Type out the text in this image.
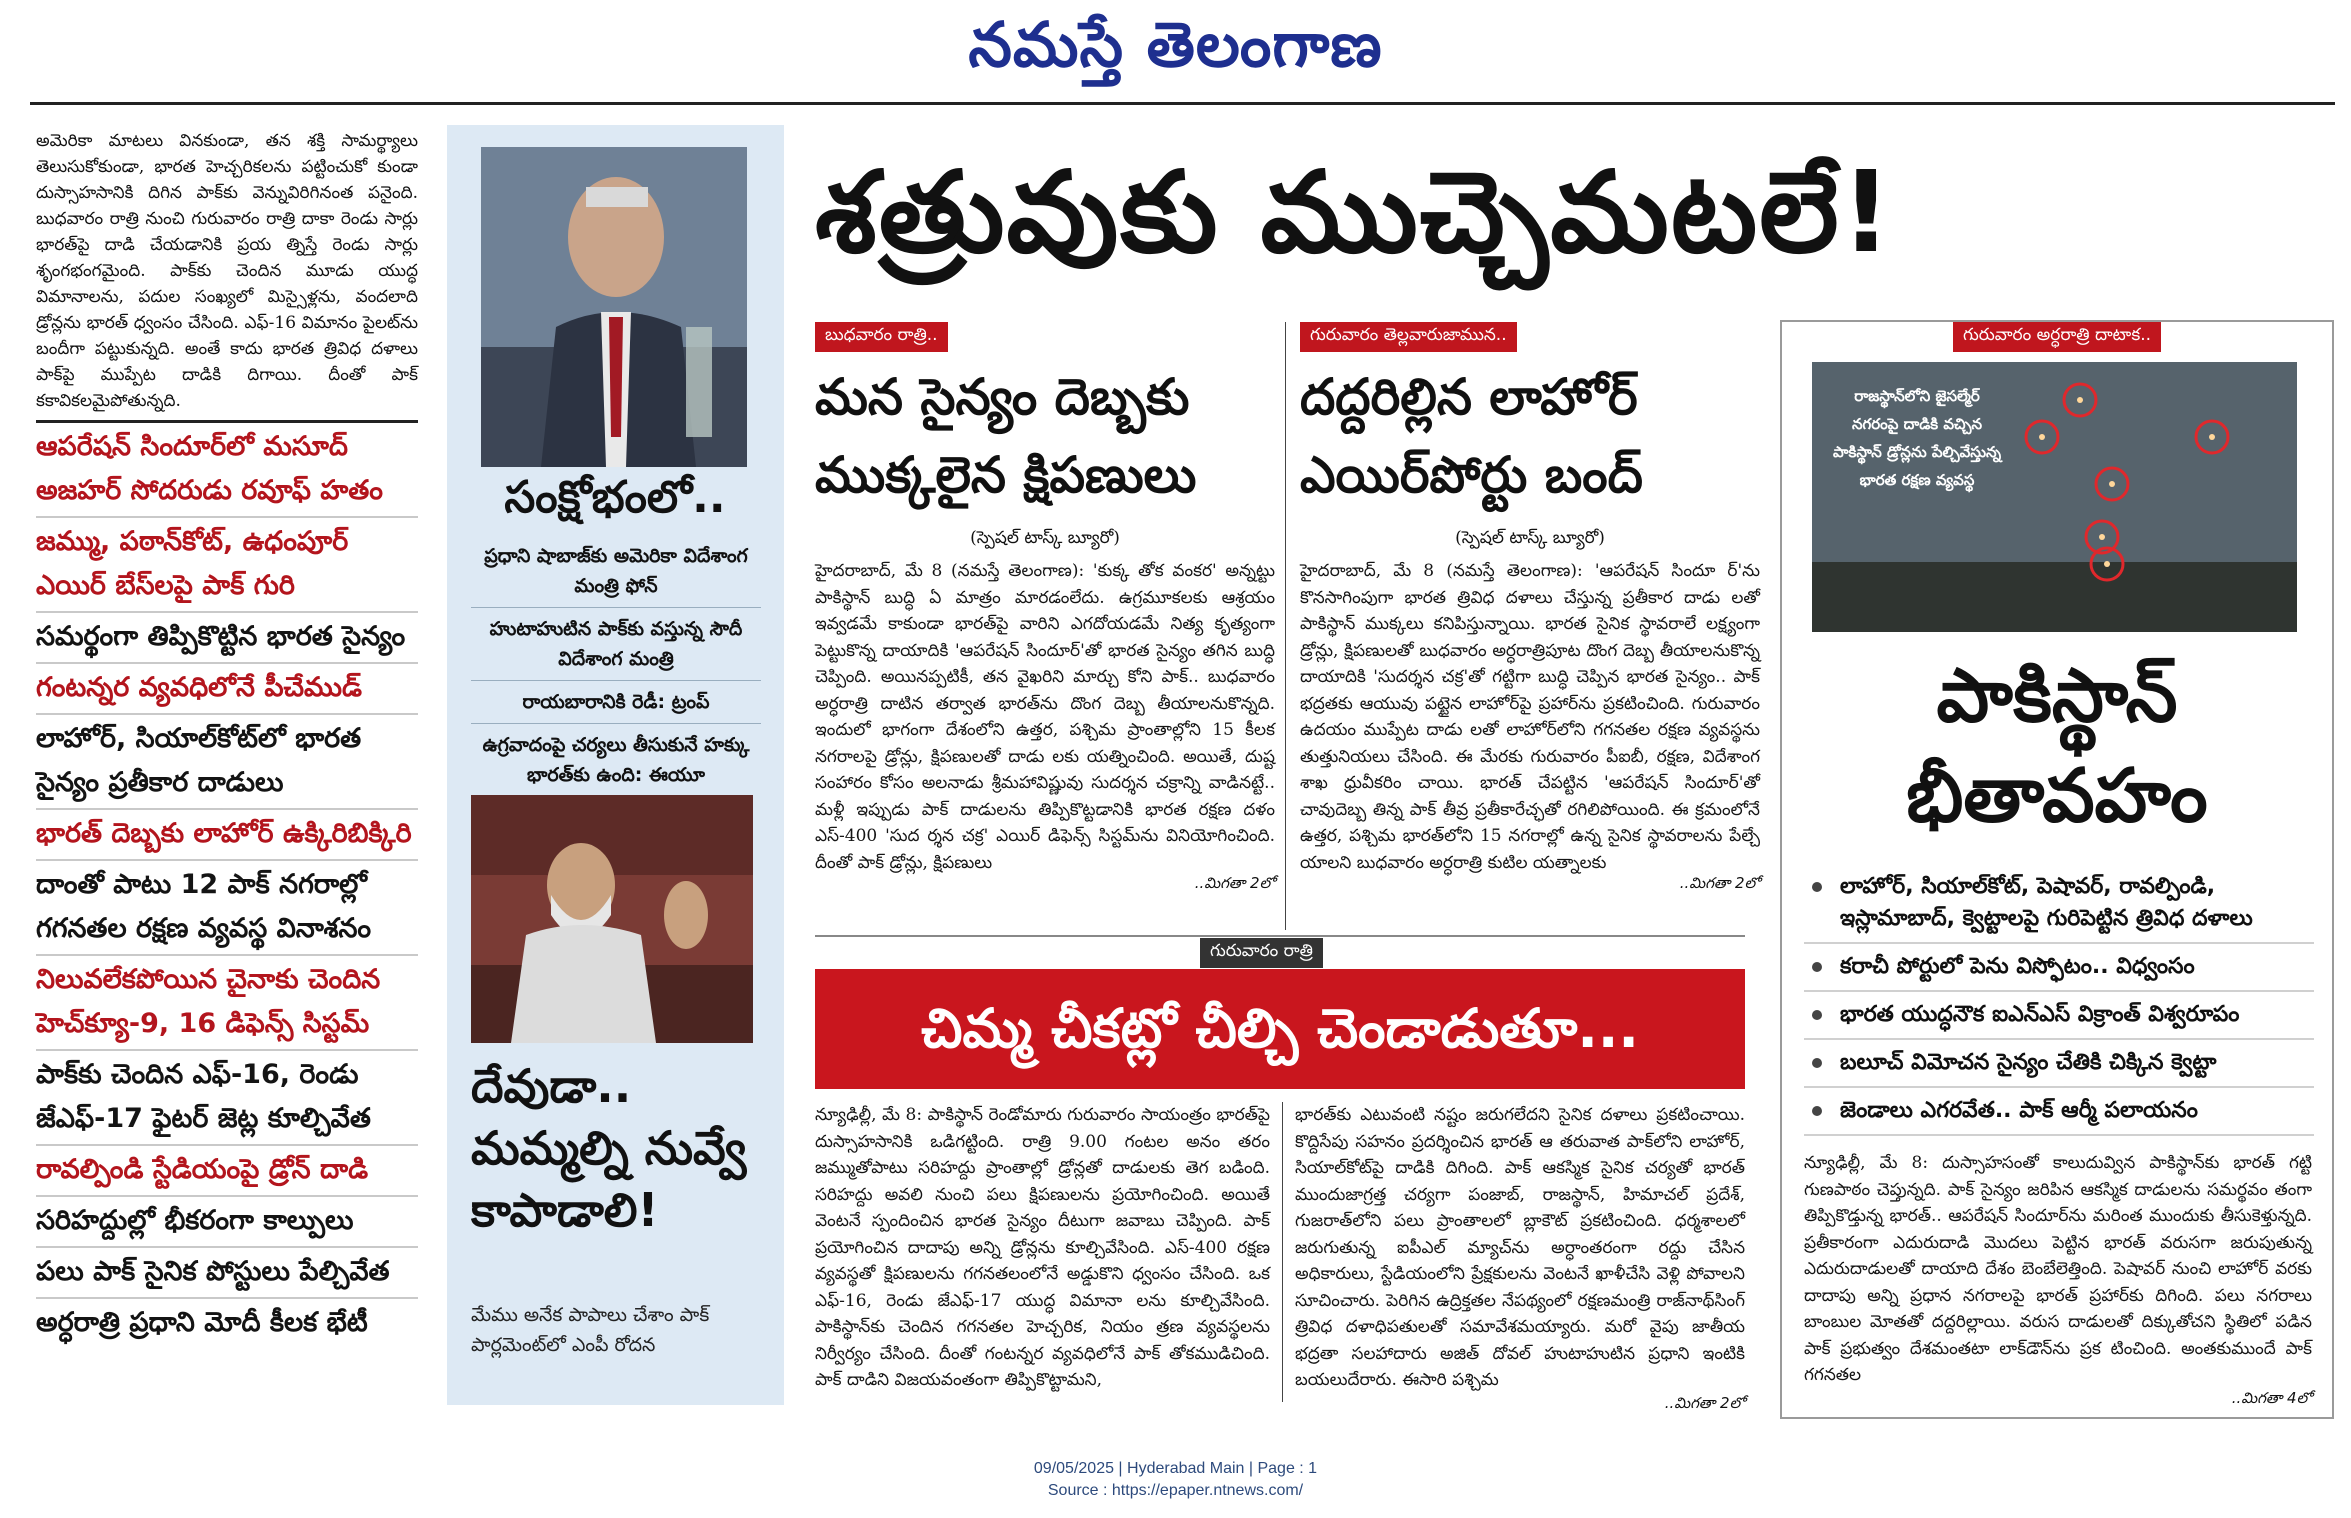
నమస్తే తెలంగాణ

అమెరికా మాటలు వినకుండా, తన శక్తి సామర్థ్యాలు తెలుసుకోకుండా, భారత హెచ్చరికలను పట్టించుకో కుండా దుస్సాహసానికి దిగిన పాక్‌కు వెన్నువిరిగినంత పనైంది. బుధవారం రాత్రి నుంచి గురువారం రాత్రి దాకా రెండు సార్లు భారత్‌పై దాడి చేయడానికి ప్రయ త్నిస్తే రెండు సార్లు శృంగభంగమైంది. పాక్‌కు చెందిన మూడు యుద్ధ విమానాలను, పదుల సంఖ్యలో మిస్సైళ్లను, వందలాది డ్రోన్లను భారత్ ధ్వంసం చేసింది. ఎఫ్‌-16 విమానం పైలట్‌ను బందీగా పట్టుకున్నది. అంతే కాదు భారత త్రివిధ దళాలు పాక్‌పై ముప్పేట దాడికి దిగాయి. దీంతో పాక్ కకావికలమైపోతున్నది.

ఆపరేషన్ సిందూర్‌లో మసూద్ అజహర్ సోదరుడు రవూఫ్ హతం

జమ్ము, పఠాన్‌కోట్, ఉధంపూర్ ఎయిర్ బేస్‌లపై పాక్ గురి

సమర్థంగా తిప్పికొట్టిన భారత సైన్యం

గంటన్నర వ్యవధిలోనే పీచేముడ్

లాహోర్, సియాల్‌కోట్‌లో భారత సైన్యం ప్రతీకార దాడులు

భారత్ దెబ్బకు లాహోర్ ఉక్కిరిబిక్కిరి

దాంతో పాటు 12 పాక్ నగరాల్లో గగనతల రక్షణ వ్యవస్థ వినాశనం

నిలువలేకపోయిన చైనాకు చెందిన హెచ్‌క్యూ-9, 16 డిఫెన్స్ సిస్టమ్

పాక్‌కు చెందిన ఎఫ్‌-16, రెండు జేఎఫ్‌-17 ఫైటర్ జెట్ల కూల్చివేత

రావల్పిండి స్టేడియంపై డ్రోన్ దాడి

సరిహద్దుల్లో భీకరంగా కాల్పులు

పలు పాక్ సైనిక పోస్టులు పేల్చివేత

అర్ధరాత్రి ప్రధాని మోదీ కీలక భేటీ

సంక్షోభంలో..

ప్రధాని షాబాజ్‌కు అమెరికా విదేశాంగ మంత్రి ఫోన్

హుటాహుటిన పాక్‌కు వస్తున్న సౌదీ విదేశాంగ మంత్రి

రాయబారానికి రెడీ: ట్రంప్

ఉగ్రవాదంపై చర్యలు తీసుకునే హక్కు భారత్‌కు ఉంది: ఈయూ

దేవుడా.. మమ్మల్ని నువ్వే కాపాడాలి!
మేము అనేక పాపాలు చేశాం పాక్ పార్లమెంట్‌లో ఎంపీ రోదన
శత్రువుకు ముచ్చెమటలే!
బుధవారం రాత్రి..

మన సైన్యం దెబ్బకు ముక్కలైన క్షిపణులు

(స్పెషల్ టాస్క్ బ్యూరో)

హైదరాబాద్, మే 8 (నమస్తే తెలంగాణ): 'కుక్క తోక వంకర' అన్నట్టు పాకిస్థాన్ బుద్ధి ఏ మాత్రం మారడంలేదు. ఉగ్రమూకలకు ఆశ్రయం ఇవ్వడమే కాకుండా భారత్‌పై వారిని ఎగదోయడమే నిత్య కృత్యంగా పెట్టుకొన్న దాయాదికి 'ఆపరేషన్ సిందూర్'తో భారత సైన్యం తగిన బుద్ధి చెప్పింది. అయినప్పటికీ, తన వైఖరిని మార్చు కోని పాక్.. బుధవారం అర్ధరాత్రి దాటిన తర్వాత భారత్‌ను దొంగ దెబ్బ తీయాలనుకొన్నది. ఇందులో భాగంగా దేశంలోని ఉత్తర, పశ్చిమ ప్రాంతాల్లోని 15 కీలక నగరాలపై డ్రోన్లు, క్షిపణులతో దాడు లకు యత్నించింది. అయితే, దుష్ట సంహారం కోసం అలనాడు శ్రీమహావిష్ణువు సుదర్శన చక్రాన్ని వాడినట్టే.. మళ్లీ ఇప్పుడు పాక్ దాడులను తిప్పికొట్టడానికి భారత రక్షణ దళం ఎస్‌-400 'సుద ర్శన చక్ర' ఎయిర్ డిఫెన్స్ సిస్టమ్‌ను వినియోగించింది. దీంతో పాక్ డ్రోన్లు, క్షిపణులు

..మిగతా 2లో
గురువారం తెల్లవారుజామున..

దద్దరిల్లిన లాహోర్ ఎయిర్‌పోర్టు బంద్

(స్పెషల్ టాస్క్ బ్యూరో)

హైదరాబాద్, మే 8 (నమస్తే తెలంగాణ): 'ఆపరేషన్ సిందూ ర్'ను కొనసాగింపుగా భారత త్రివిధ దళాలు చేస్తున్న ప్రతీకార దాడు లతో పాకిస్థాన్ ముక్కలు కనిపిస్తున్నాయి. భారత సైనిక స్థావరాలే లక్ష్యంగా డ్రోన్లు, క్షిపణులతో బుధవారం అర్ధరాత్రిపూట దొంగ దెబ్బ తీయాలనుకొన్న దాయాదికి 'సుదర్శన చక్ర'తో గట్టిగా బుద్ధి చెప్పిన భారత సైన్యం.. పాక్ భద్రతకు ఆయువు పట్టైన లాహోర్‌పై ప్రహార్‌ను ప్రకటించింది. గురువారం ఉదయం ముప్పేట దాడు లతో లాహోర్‌లోని గగనతల రక్షణ వ్యవస్థను తుత్తునియలు చేసింది. ఈ మేరకు గురువారం పీఐబీ, రక్షణ, విదేశాంగ శాఖ ధ్రువీకరిం చాయి. భారత్ చేపట్టిన 'ఆపరేషన్ సిందూర్'తో చావుదెబ్బ తిన్న పాక్ తీవ్ర ప్రతీకారేచ్ఛతో రగిలిపోయింది. ఈ క్రమంలోనే ఉత్తర, పశ్చిమ భారత్‌లోని 15 నగరాల్లో ఉన్న సైనిక స్థావరాలను పేల్చే యాలని బుధవారం అర్ధరాత్రి కుటిల యత్నాలకు

..మిగతా 2లో
గురువారం రాత్రి
చిమ్మ చీకట్లో చీల్చి చెండాడుతూ...

న్యూఢిల్లీ, మే 8: పాకిస్థాన్ రెండోమారు గురువారం సాయంత్రం భారత్‌పై దుస్సాహసానికి ఒడిగట్టింది. రాత్రి 9.00 గంటల అనం తరం జమ్ముతోపాటు సరిహద్దు ప్రాంతాల్లో డ్రోన్లతో దాడులకు తెగ బడింది. సరిహద్దు అవలి నుంచి పలు క్షిపణులను ప్రయోగించింది. అయితే వెంటనే స్పందించిన భారత సైన్యం దీటుగా జవాబు చెప్పింది. పాక్ ప్రయోగించిన దాదాపు అన్ని డ్రోన్లను కూల్చివేసింది. ఎస్‌-400 రక్షణ వ్యవస్థతో క్షిపణులను గగనతలంలోనే అడ్డుకొని ధ్వంసం చేసింది. ఒక ఎఫ్‌-16, రెండు జేఎఫ్‌-17 యుద్ధ విమానా లను కూల్చివేసింది. పాకిస్థాన్‌కు చెందిన గగనతల హెచ్చరిక, నియం త్రణ వ్యవస్థలను నిర్వీర్యం చేసింది. దీంతో గంటన్నర వ్యవధిలోనే పాక్ తోకముడిచింది. పాక్ దాడిని విజయవంతంగా తిప్పికొట్టామని,

భారత్‌కు ఎటువంటి నష్టం జరుగలేదని సైనిక దళాలు ప్రకటించాయి. కొద్దిసేపు సహనం ప్రదర్శించిన భారత్ ఆ తరువాత పాక్‌లోని లాహోర్, సియాల్‌కోట్‌పై దాడికి దిగింది. పాక్ ఆకస్మిక సైనిక చర్యతో భారత్ ముందుజాగ్రత్త చర్యగా పంజాబ్, రాజస్థాన్, హిమాచల్ ప్రదేశ్, గుజరాత్‌లోని పలు ప్రాంతాలలో బ్లాకౌట్ ప్రకటించింది. ధర్మశాలలో జరుగుతున్న ఐపీఎల్ మ్యాచ్‌ను అర్ధాంతరంగా రద్దు చేసిన అధికారులు, స్టేడియంలోని ప్రేక్షకులను వెంటనే ఖాళీచేసి వెళ్లి పోవాలని సూచించారు. పెరిగిన ఉద్రిక్తతల నేపథ్యంలో రక్షణమంత్రి రాజ్‌నాథ్‌సింగ్ త్రివిధ దళాధిపతులతో సమావేశమయ్యారు. మరో వైపు జాతీయ భద్రతా సలహాదారు అజిత్ దోవల్ హుటాహుటిన ప్రధాని ఇంటికి బయలుదేరారు. ఈసారి పశ్చిమ

..మిగతా 2లో
గురువారం అర్ధరాత్రి దాటాక..
రాజస్థాన్‌లోని జైసల్మేర్ నగరంపై దాడికి వచ్చిన పాకిస్థాన్ డ్రోన్లను పేల్చివేస్తున్న భారత రక్షణ వ్యవస్థ
పాకిస్థాన్
భీతావహం

లాహోర్, సియాల్‌కోట్, పెషావర్, రావల్పిండి, ఇస్లామాబాద్, క్వెట్టాలపై గురిపెట్టిన త్రివిధ దళాలు

కరాచీ పోర్టులో పెను విస్ఫోటం.. విధ్వంసం

భారత యుద్ధనౌక ఐఎన్‌ఎస్ విక్రాంత్ విశ్వరూపం

బలూచ్ విమోచన సైన్యం చేతికి చిక్కిన క్వెట్టా

జెండాలు ఎగరవేత.. పాక్ ఆర్మీ పలాయనం

న్యూఢిల్లీ, మే 8: దుస్సాహసంతో కాలుదువ్విన పాకిస్థాన్‌కు భారత్ గట్టి గుణపాఠం చెప్తున్నది. పాక్ సైన్యం జరిపిన ఆకస్మిక దాడులను సమర్థవం తంగా తిప్పికొడ్తున్న భారత్.. ఆపరేషన్ సిందూర్‌ను మరింత ముందుకు తీసుకెళ్తున్నది. ప్రతీకారంగా ఎదురుదాడి మొదలు పెట్టిన భారత్ వరుసగా జరుపుతున్న ఎదురుదాడులతో దాయాది దేశం బెంబేలెత్తింది. పెషావర్ నుంచి లాహోర్ వరకు దాదాపు అన్ని ప్రధాన నగరాలపై భారత్ ప్రహార్‌కు దిగింది. పలు నగరాలు బాంబుల మోతతో దద్దరిల్లాయి. వరుస దాడులతో దిక్కుతోచని స్థితిలో పడిన పాక్ ప్రభుత్వం దేశమంతటా లాక్‌డౌన్‌ను ప్రక టించింది. అంతకుముందే పాక్ గగనతల

..మిగతా 4లో
09/05/2025 | Hyderabad Main | Page : 1
Source : https://epaper.ntnews.com/
